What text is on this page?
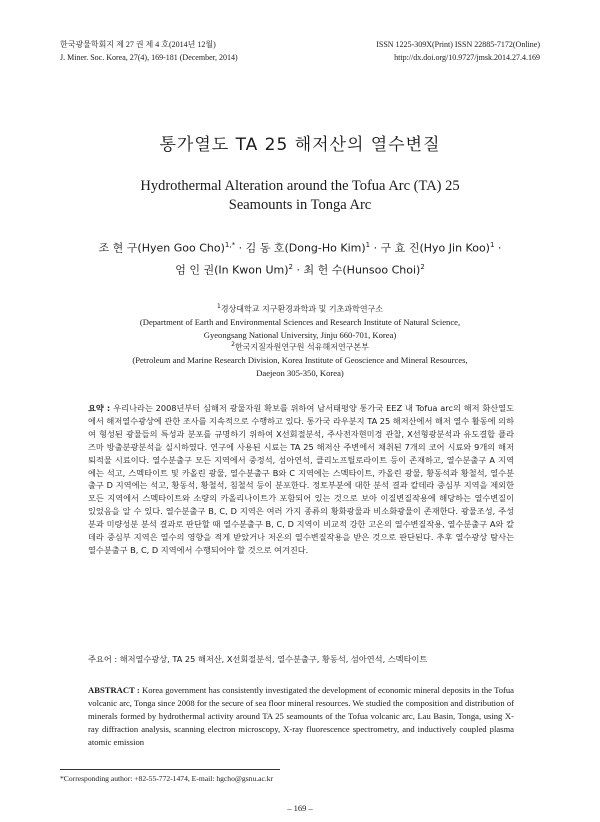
한국광물학회지 제 27 권 제 4 호(2014년 12월)
J. Miner. Soc. Korea, 27(4), 169-181 (December, 2014)
ISSN 1225-309X(Print) ISSN 22885-7172(Online)
http://dx.doi.org/10.9727/jmsk.2014.27.4.169
통가열도 TA 25 해저산의 열수변질
Hydrothermal Alteration around the Tofua Arc (TA) 25
Seamounts in Tonga Arc
조 현 구(Hyen Goo Cho)$^{1,*}$ · 김 동 호(Dong-Ho Kim)$^1$ · 구 효 진(Hyo Jin Koo)$^1$ ·
엄 인 권(In Kwon Um)$^2$ · 최 헌 수(Hunsoo Choi)$^2$
$^1$경상대학교 지구환경과학과 및 기초과학연구소
(Department of Earth and Environmental Sciences and Research Institute of Natural Science,
Gyeongsang National University, Jinju 660-701, Korea)
$^2$한국지질자원연구원 석유해저연구본부
(Petroleum and Marine Research Division, Korea Institute of Geoscience and Mineral Resources,
Daejeon 305-350, Korea)
요약 : 우리나라는 2008년부터 심해저 광물자원 확보를 위하여 남서태평양 통가국 EEZ 내 Tofua arc의 해저 화산열도에서 해저열수광상에 관한 조사를 지속적으로 수행하고 있다. 통가국 라우분지 TA 25 해저산에서 해저 열수 활동에 의하여 형성된 광물들의 특성과 분포를 규명하기 위하여 X선회절분석, 주사전자현미경 관찰, X선형광분석과 유도결합 플라즈마 방출분광분석을 실시하였다. 연구에 사용된 시료는 TA 25 해저산 주변에서 채취된 7개의 코어 시료와 9개의 해저퇴적물 시료이다. 열수분출구 모든 지역에서 중정석, 섬아연석, 클리노프틸로라이트 등이 존재하고, 열수분출구 A 지역에는 석고, 스멕타이트 및 카올린 광물, 열수분출구 B와 C 지역에는 스멕타이트, 카올린 광물, 황동석과 황철석, 열수분출구 D 지역에는 석고, 황동석, 황철석, 침철석 등이 분포한다. 정토부분에 대한 분석 결과 칼데라 중심부 지역을 제외한 모든 지역에서 스멕타이트와 소량의 카올리나이트가 포함되어 있는 것으로 보아 이질변질작용에 해당하는 열수변질이 있었음을 알 수 있다. 열수분출구 B, C, D 지역은 여러 가지 종류의 황화광물과 비소화광물이 존재한다. 광물조성, 주성분과 미량성분 분석 결과로 판단할 때 열수분출구 B, C, D 지역이 비교적 강한 고온의 열수변질작용, 열수분출구 A와 칼데라 중심부 지역은 열수의 영향을 적게 받았거나 저온의 열수변질작용을 받은 것으로 판단된다. 추후 열수광상 탐사는 열수분출구 B, C, D 지역에서 수행되어야 할 것으로 여겨진다.
주요어 : 해저열수광상, TA 25 해저산, X선회절분석, 열수분출구, 황동석, 섬아연석, 스멕타이트
ABSTRACT : Korea government has consistently investigated the development of economic mineral deposits in the Tofua volcanic arc, Tonga since 2008 for the secure of sea floor mineral resources. We studied the composition and distribution of minerals formed by hydrothermal activity around TA 25 seamounts of the Tofua volcanic arc, Lau Basin, Tonga, using X-ray diffraction analysis, scanning electron microscopy, X-ray fluorescence spectrometry, and inductively coupled plasma atomic emission
*Corresponding author: +82-55-772-1474, E-mail: hgcho@gsnu.ac.kr
– 169 –
